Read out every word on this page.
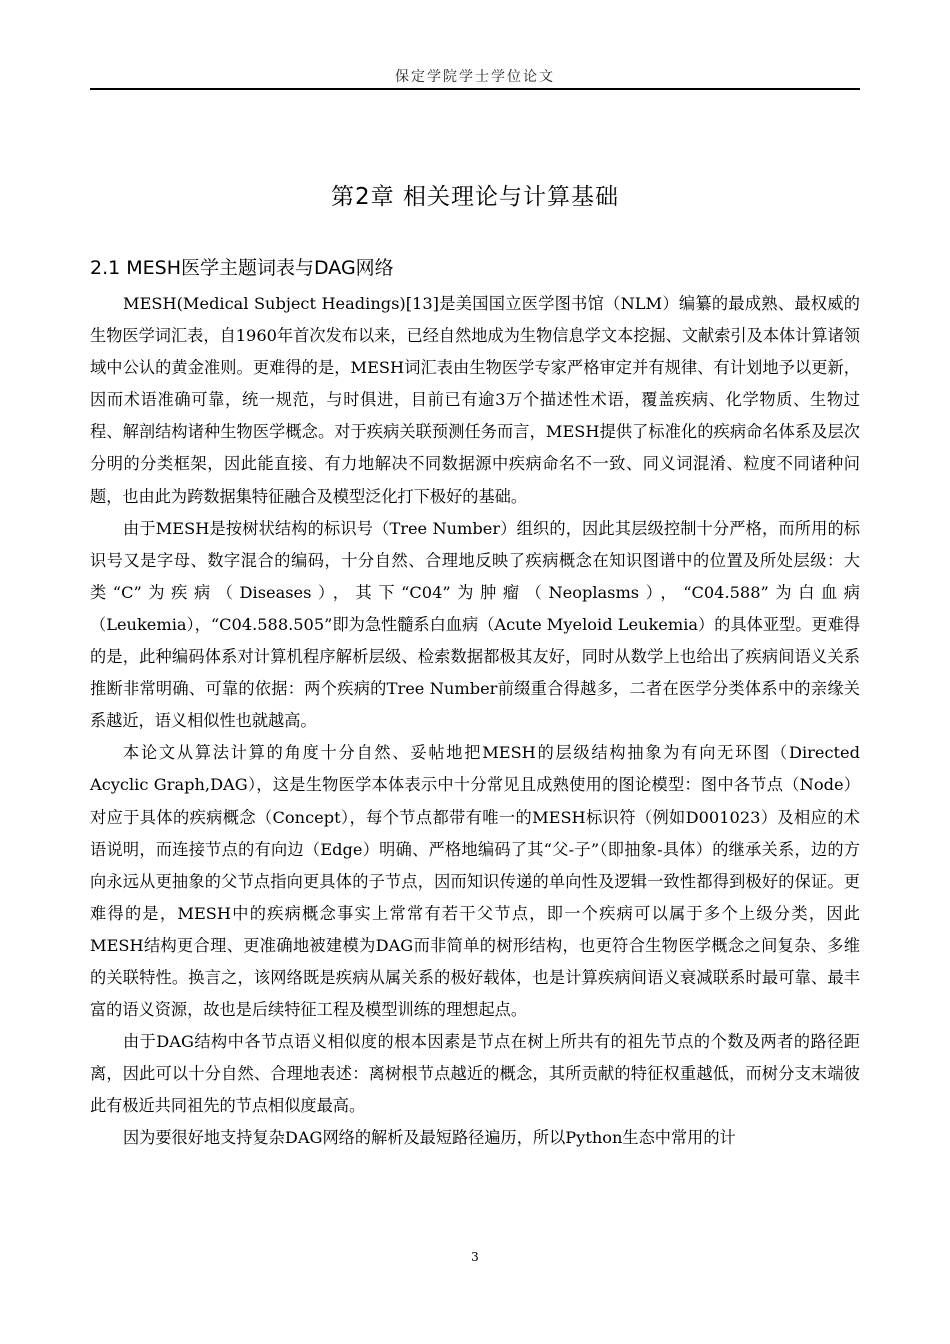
保定学院学士学位论文
第2章 相关理论与计算基础
2.1 MESH医学主题词表与DAG网络

MESH(Medical Subject Headings)[13]是美国国立医学图书馆（NLM）编纂的最成熟、最权威的生物医学词汇表，自1960年首次发布以来，已经自然地成为生物信息学文本挖掘、文献索引及本体计算诸领域中公认的黄金准则。更难得的是，MESH词汇表由生物医学专家严格审定并有规律、有计划地予以更新，因而术语准确可靠，统一规范，与时俱进，目前已有逾3万个描述性术语，覆盖疾病、化学物质、生物过程、解剖结构诸种生物医学概念。对于疾病关联预测任务而言，MESH提供了标准化的疾病命名体系及层次分明的分类框架，因此能直接、有力地解决不同数据源中疾病命名不一致、同义词混淆、粒度不同诸种问题，也由此为跨数据集特征融合及模型泛化打下极好的基础。

由于MESH是按树状结构的标识号（Tree Number）组织的，因此其层级控制十分严格，而所用的标识号又是字母、数字混合的编码，十分自然、合理地反映了疾病概念在知识图谱中的位置及所处层级：大类“C”为疾病（Diseases），其下“C04”为肿瘤（Neoplasms），“C04.588”为白血病（Leukemia），“C04.588.505”即为急性髓系白血病（Acute Myeloid Leukemia）的具体亚型。更难得的是，此种编码体系对计算机程序解析层级、检索数据都极其友好，同时从数学上也给出了疾病间语义关系推断非常明确、可靠的依据：两个疾病的Tree Number前缀重合得越多，二者在医学分类体系中的亲缘关系越近，语义相似性也就越高。

本论文从算法计算的角度十分自然、妥帖地把MESH的层级结构抽象为有向无环图（Directed Acyclic Graph,DAG），这是生物医学本体表示中十分常见且成熟使用的图论模型：图中各节点（Node）对应于具体的疾病概念（Concept），每个节点都带有唯一的MESH标识符（例如D001023）及相应的术语说明，而连接节点的有向边（Edge）明确、严格地编码了其“父-子”（即抽象-具体）的继承关系，边的方向永远从更抽象的父节点指向更具体的子节点，因而知识传递的单向性及逻辑一致性都得到极好的保证。更难得的是，MESH中的疾病概念事实上常常有若干父节点，即一个疾病可以属于多个上级分类，因此MESH结构更合理、更准确地被建模为DAG而非简单的树形结构，也更符合生物医学概念之间复杂、多维的关联特性。换言之，该网络既是疾病从属关系的极好载体，也是计算疾病间语义衰减联系时最可靠、最丰富的语义资源，故也是后续特征工程及模型训练的理想起点。

由于DAG结构中各节点语义相似度的根本因素是节点在树上所共有的祖先节点的个数及两者的路径距离，因此可以十分自然、合理地表述：离树根节点越近的概念，其所贡献的特征权重越低，而树分支末端彼此有极近共同祖先的节点相似度最高。

因为要很好地支持复杂DAG网络的解析及最短路径遍历，所以Python生态中常用的计

3
